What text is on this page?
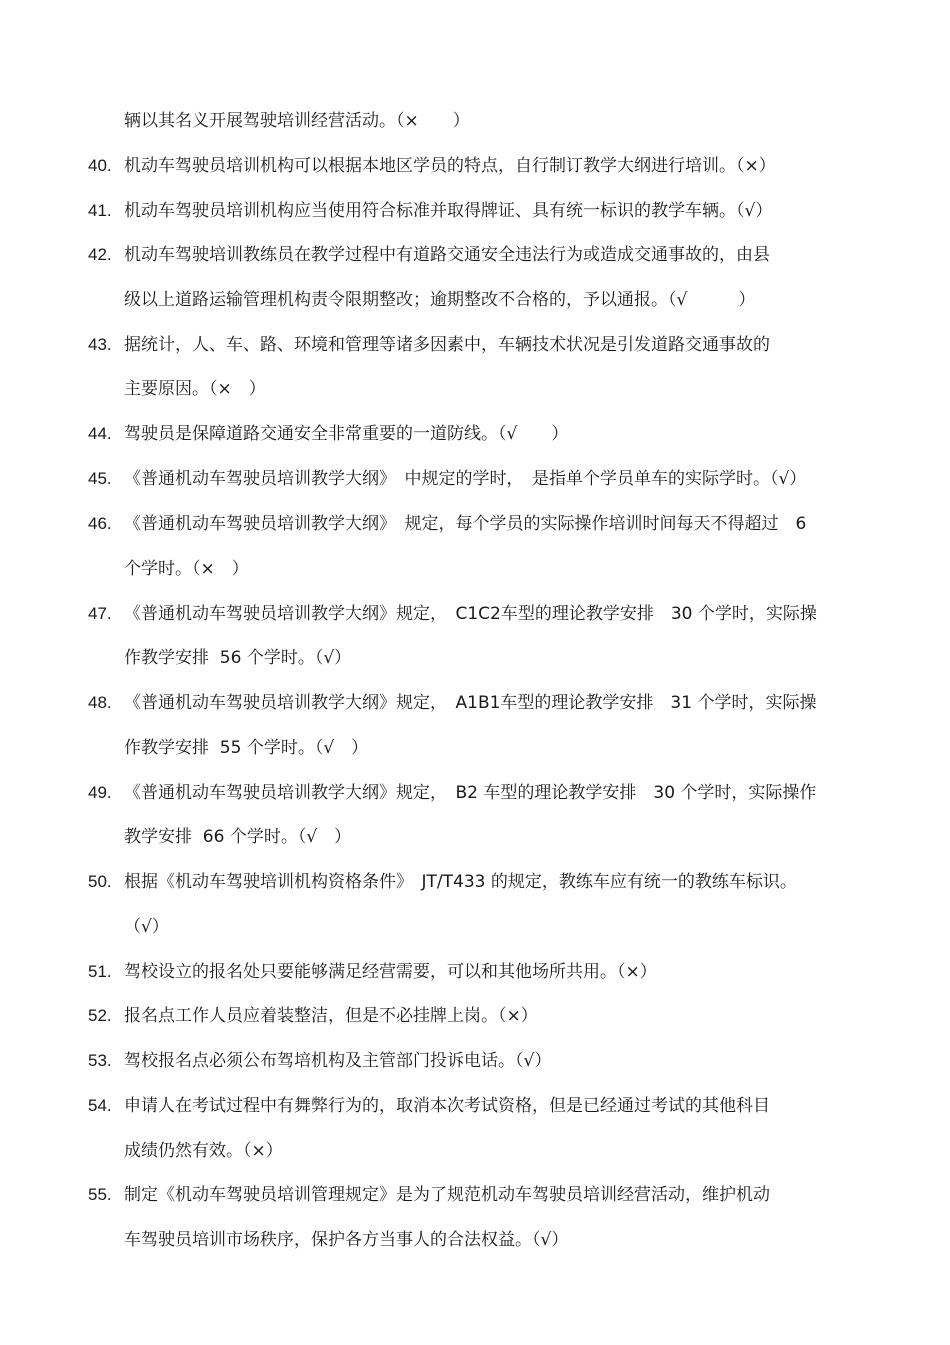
辆以其名义开展驾驶培训经营活动。（×　　）
40. 机动车驾驶员培训机构可以根据本地区学员的特点，自行制订教学大纲进行培训。（×）
41. 机动车驾驶员培训机构应当使用符合标准并取得牌证、具有统一标识的教学车辆。（√）
42. 机动车驾驶培训教练员在教学过程中有道路交通安全违法行为或造成交通事故的，由县
级以上道路运输管理机构责令限期整改；逾期整改不合格的，予以通报。（√　　　）
43. 据统计，人、车、路、环境和管理等诸多因素中，车辆技术状况是引发道路交通事故的
主要原因。（×　）
44. 驾驶员是保障道路交通安全非常重要的一道防线。（√　　）
45. 《普通机动车驾驶员培训教学大纲》　中规定的学时，　是指单个学员单车的实际学时。（√）
46. 《普通机动车驾驶员培训教学大纲》　规定，每个学员的实际操作培训时间每天不得超过　6
个学时。（×　）
47. 《普通机动车驾驶员培训教学大纲》规定，　C1C2车型的理论教学安排　30 个学时，实际操
作教学安排  56 个学时。（√）
48. 《普通机动车驾驶员培训教学大纲》规定，　A1B1车型的理论教学安排　31 个学时，实际操
作教学安排  55 个学时。（√　）
49. 《普通机动车驾驶员培训教学大纲》规定，　B2 车型的理论教学安排　30 个学时，实际操作
教学安排  66 个学时。（√　）
50. 根据《机动车驾驶培训机构资格条件》　JT/T433 的规定，教练车应有统一的教练车标识。
（√）
51. 驾校设立的报名处只要能够满足经营需要，可以和其他场所共用。（×）
52. 报名点工作人员应着装整洁，但是不必挂牌上岗。（×）
53. 驾校报名点必须公布驾培机构及主管部门投诉电话。（√）
54. 申请人在考试过程中有舞弊行为的，取消本次考试资格，但是已经通过考试的其他科目
成绩仍然有效。（×）
55. 制定《机动车驾驶员培训管理规定》是为了规范机动车驾驶员培训经营活动，维护机动
车驾驶员培训市场秩序，保护各方当事人的合法权益。（√）
